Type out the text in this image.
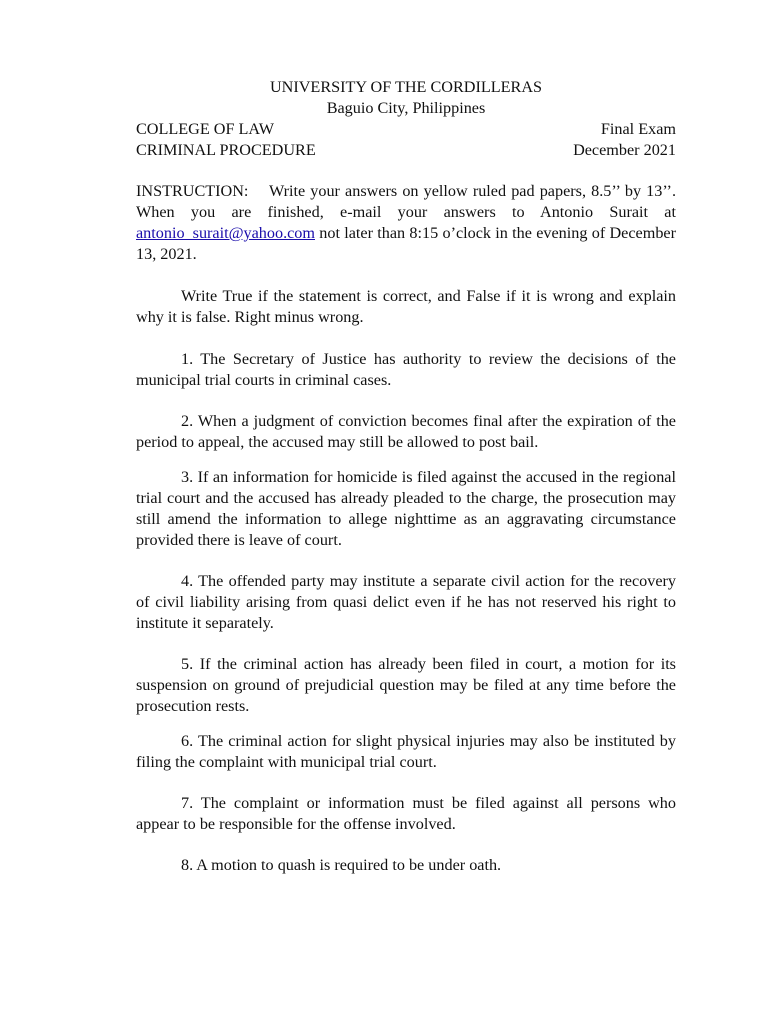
UNIVERSITY OF THE CORDILLERAS
Baguio City, Philippines
COLLEGE OF LAW	Final Exam
CRIMINAL PROCEDURE	December 2021
INSTRUCTION: Write your answers on yellow ruled pad papers, 8.5’’ by 13’’. When you are finished, e-mail your answers to Antonio Surait at antonio_surait@yahoo.com not later than 8:15 o’clock in the evening of December 13, 2021.
Write True if the statement is correct, and False if it is wrong and explain why it is false. Right minus wrong.
1. The Secretary of Justice has authority to review the decisions of the municipal trial courts in criminal cases.
2. When a judgment of conviction becomes final after the expiration of the period to appeal, the accused may still be allowed to post bail.
3. If an information for homicide is filed against the accused in the regional trial court and the accused has already pleaded to the charge, the prosecution may still amend the information to allege nighttime as an aggravating circumstance provided there is leave of court.
4. The offended party may institute a separate civil action for the recovery of civil liability arising from quasi delict even if he has not reserved his right to institute it separately.
5. If the criminal action has already been filed in court, a motion for its suspension on ground of prejudicial question may be filed at any time before the prosecution rests.
6. The criminal action for slight physical injuries may also be instituted by filing the complaint with municipal trial court.
7. The complaint or information must be filed against all persons who appear to be responsible for the offense involved.
8. A motion to quash is required to be under oath.
